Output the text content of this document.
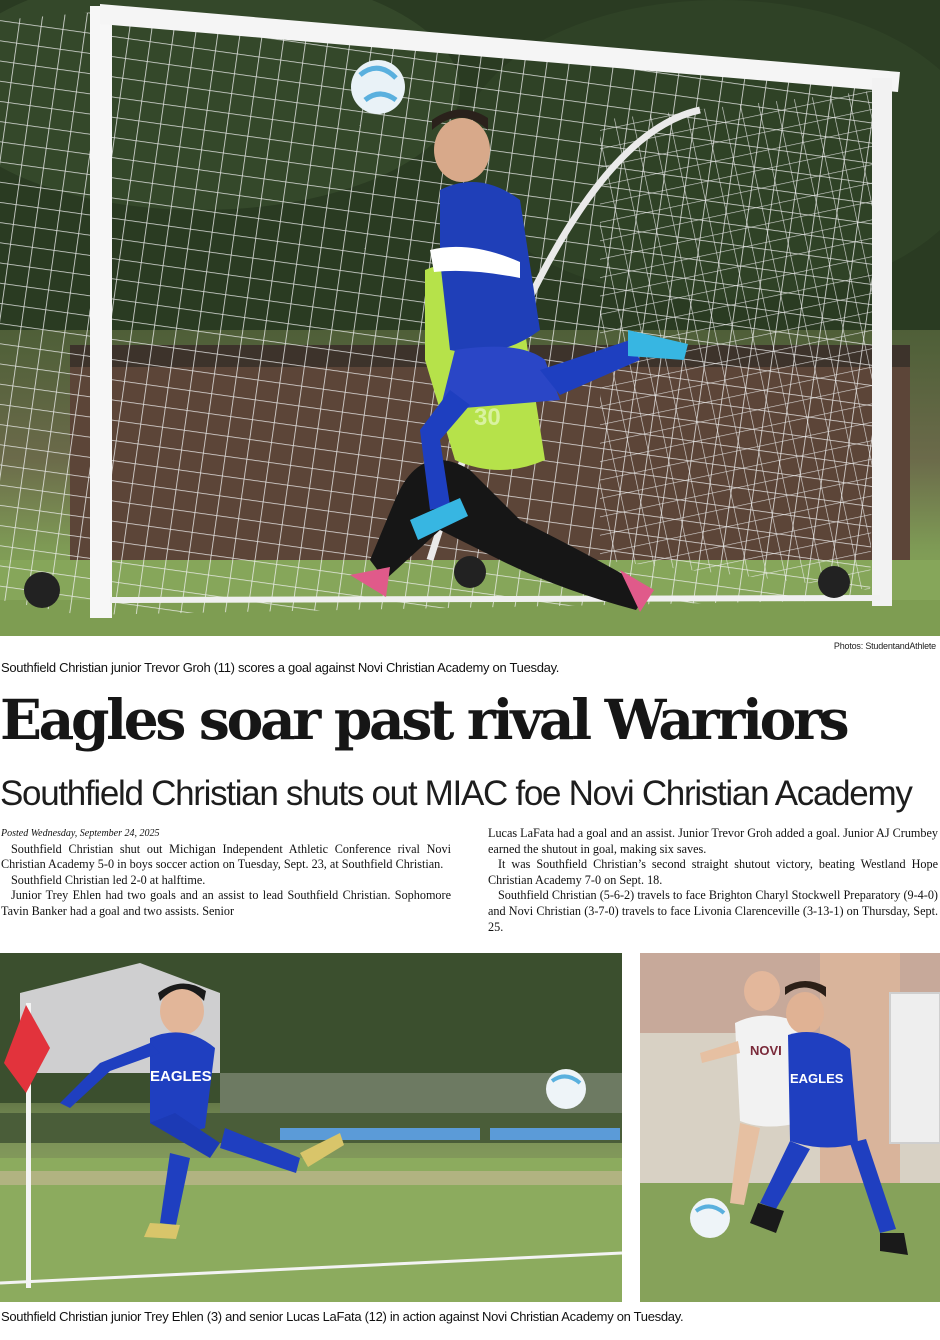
30
Photos: StudentandAthlete
Southfield Christian junior Trevor Groh (11) scores a goal against Novi Christian Academy on Tuesday.
Eagles soar past rival Warriors
Southfield Christian shuts out MIAC foe Novi Christian Academy

Posted Wednesday, September 24, 2025

Southfield Christian shut out Michigan Independent Athletic Conference rival Novi Christian Academy 5-0 in boys soccer action on Tuesday, Sept. 23, at Southfield Christian.

Southfield Christian led 2-0 at halftime.

Junior Trey Ehlen had two goals and an assist to lead Southfield Christian. Sophomore Tavin Banker had a goal and two assists. Senior

Lucas LaFata had a goal and an assist. Junior Trevor Groh added a goal. Junior AJ Crumbey earned the shutout in goal, making six saves.

It was Southfield Christian’s second straight shutout victory, beating Westland Hope Christian Academy 7-0 on Sept. 18.

Southfield Christian (5-6-2) travels to face Brighton Charyl Stockwell Preparatory (9-4-0) and Novi Christian (3-7-0) travels to face Livonia Clarenceville (3-13-1) on Thursday, Sept. 25.

EAGLES
NOVI
EAGLES
Southfield Christian junior Trey Ehlen (3) and senior Lucas LaFata (12) in action against Novi Christian Academy on Tuesday.
